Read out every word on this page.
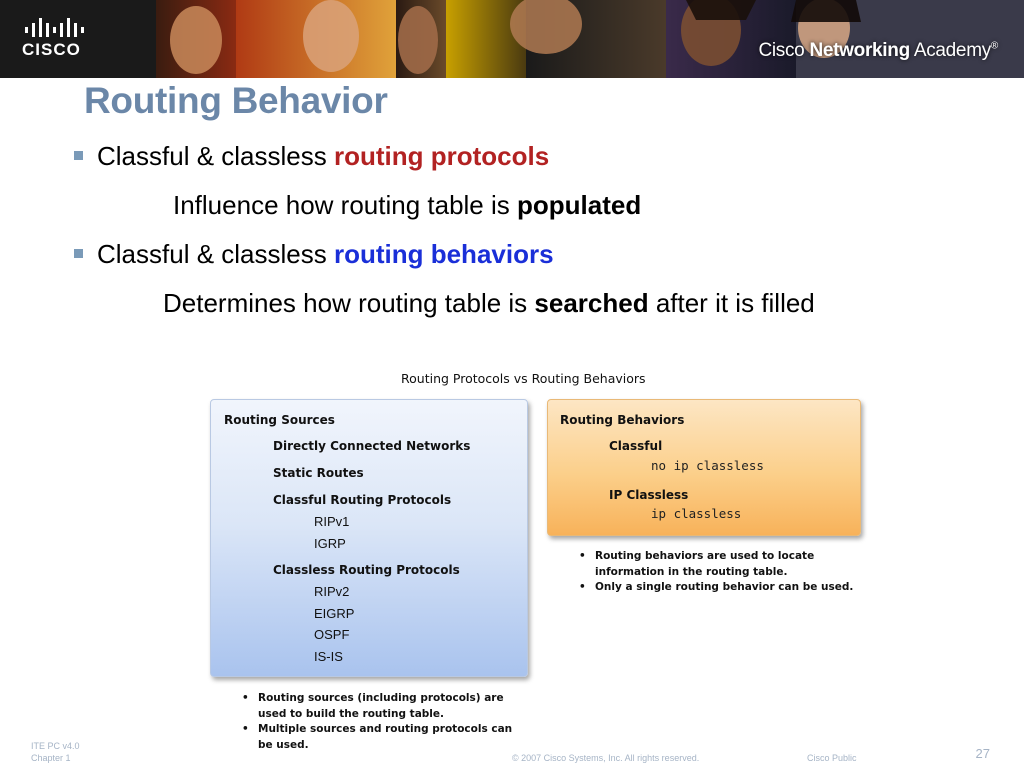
CISCO	Cisco Networking Academy®
Routing Behavior
Classful & classless routing protocols
Influence how routing table is populated
Classful & classless routing behaviors
Determines how routing table is searched after it is filled
Routing Protocols vs Routing Behaviors
Routing Sources
Directly Connected Networks
Static Routes
Classful Routing Protocols
RIPv1
IGRP
Classless Routing Protocols
RIPv2
EIGRP
OSPF
IS-IS
Routing Behaviors
Classful
no ip classless
IP Classless
ip classless
• Routing behaviors are used to locate information in the routing table.
• Only a single routing behavior can be used.
• Routing sources (including protocols) are used to build the routing table.
• Multiple sources and routing protocols can be used.
ITE PC v4.0
Chapter 1	© 2007 Cisco Systems, Inc. All rights reserved.	Cisco Public	27
